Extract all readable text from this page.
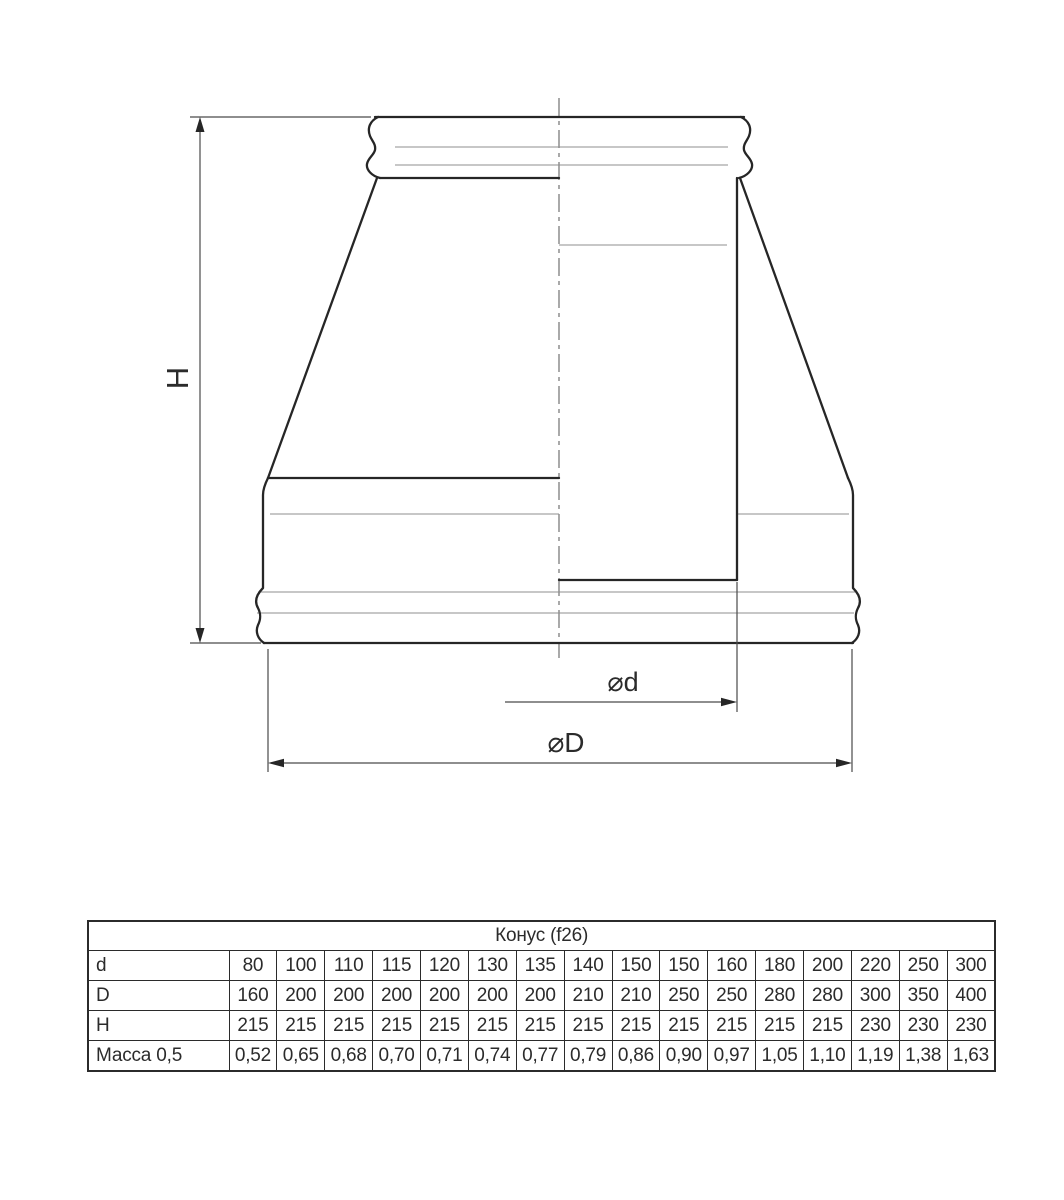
H
⌀d
⌀D
Конус (f26)																
d	80	100	110	115	120	130	135	140	150	150	160	180	200	220	250	300
D	160	200	200	200	200	200	200	210	210	250	250	280	280	300	350	400
H	215	215	215	215	215	215	215	215	215	215	215	215	215	230	230	230
Масса 0,5	0,52	0,65	0,68	0,70	0,71	0,74	0,77	0,79	0,86	0,90	0,97	1,05	1,10	1,19	1,38	1,63
